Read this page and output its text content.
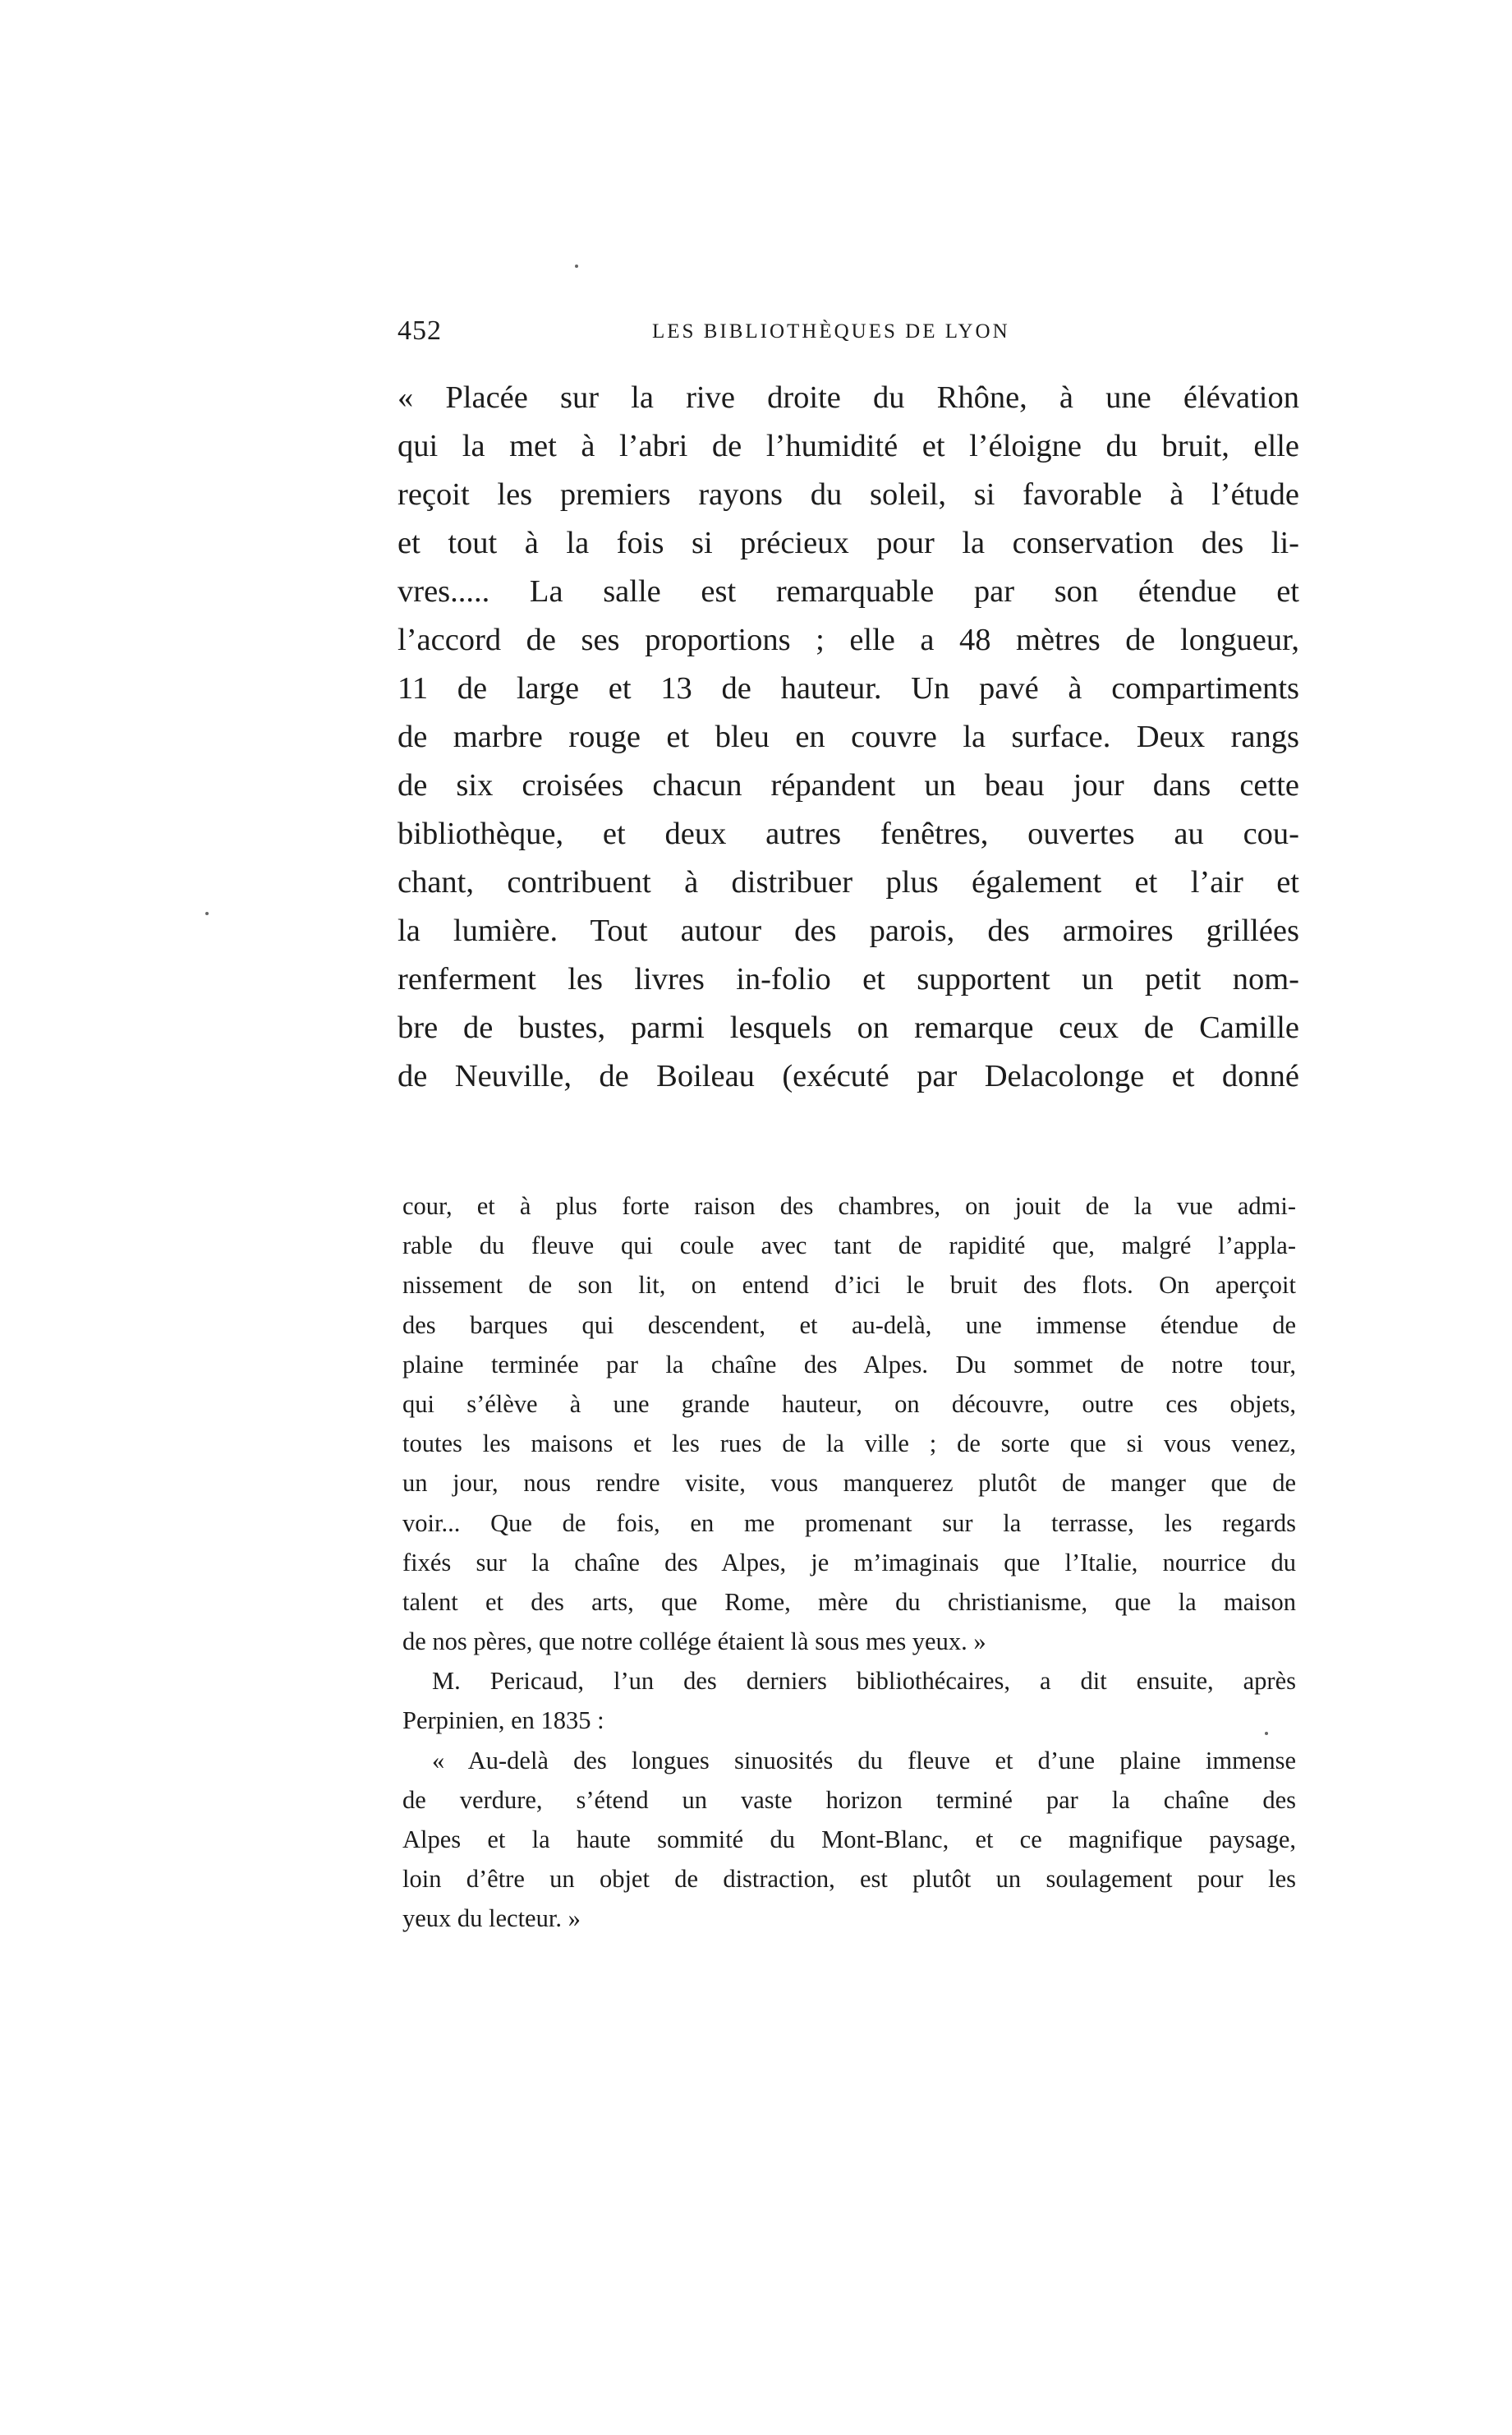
452	LES BIBLIOTHÈQUES DE LYON
« Placée sur la rive droite du Rhône, à une élévation
qui la met à l’abri de l’humidité et l’éloigne du bruit, elle
reçoit les premiers rayons du soleil, si favorable à l’étude
et tout à la fois si précieux pour la conservation des li-
vres..... La salle est remarquable par son étendue et
l’accord de ses proportions ; elle a 48 mètres de longueur,
11 de large et 13 de hauteur. Un pavé à compartiments
de marbre rouge et bleu en couvre la surface. Deux rangs
de six croisées chacun répandent un beau jour dans cette
bibliothèque, et deux autres fenêtres, ouvertes au cou-
chant, contribuent à distribuer plus également et l’air et
la lumière. Tout autour des parois, des armoires grillées
renferment les livres in-folio et supportent un petit nom-
bre de bustes, parmi lesquels on remarque ceux de Camille
de Neuville, de Boileau (exécuté par Delacolonge et donné
cour, et à plus forte raison des chambres, on jouit de la vue admi-
rable du fleuve qui coule avec tant de rapidité que, malgré l’appla-
nissement de son lit, on entend d’ici le bruit des flots. On aperçoit
des barques qui descendent, et au-delà, une immense étendue de
plaine terminée par la chaîne des Alpes. Du sommet de notre tour,
qui s’élève à une grande hauteur, on découvre, outre ces objets,
toutes les maisons et les rues de la ville ; de sorte que si vous venez,
un jour, nous rendre visite, vous manquerez plutôt de manger que de
voir... Que de fois, en me promenant sur la terrasse, les regards
fixés sur la chaîne des Alpes, je m’imaginais que l’Italie, nourrice du
talent et des arts, que Rome, mère du christianisme, que la maison
de nos pères, que notre collége étaient là sous mes yeux. »
M. Pericaud, l’un des derniers bibliothécaires, a dit ensuite, après
Perpinien, en 1835 :
« Au-delà des longues sinuosités du fleuve et d’une plaine immense
de verdure, s’étend un vaste horizon terminé par la chaîne des
Alpes et la haute sommité du Mont-Blanc, et ce magnifique paysage,
loin d’être un objet de distraction, est plutôt un soulagement pour les
yeux du lecteur. »
